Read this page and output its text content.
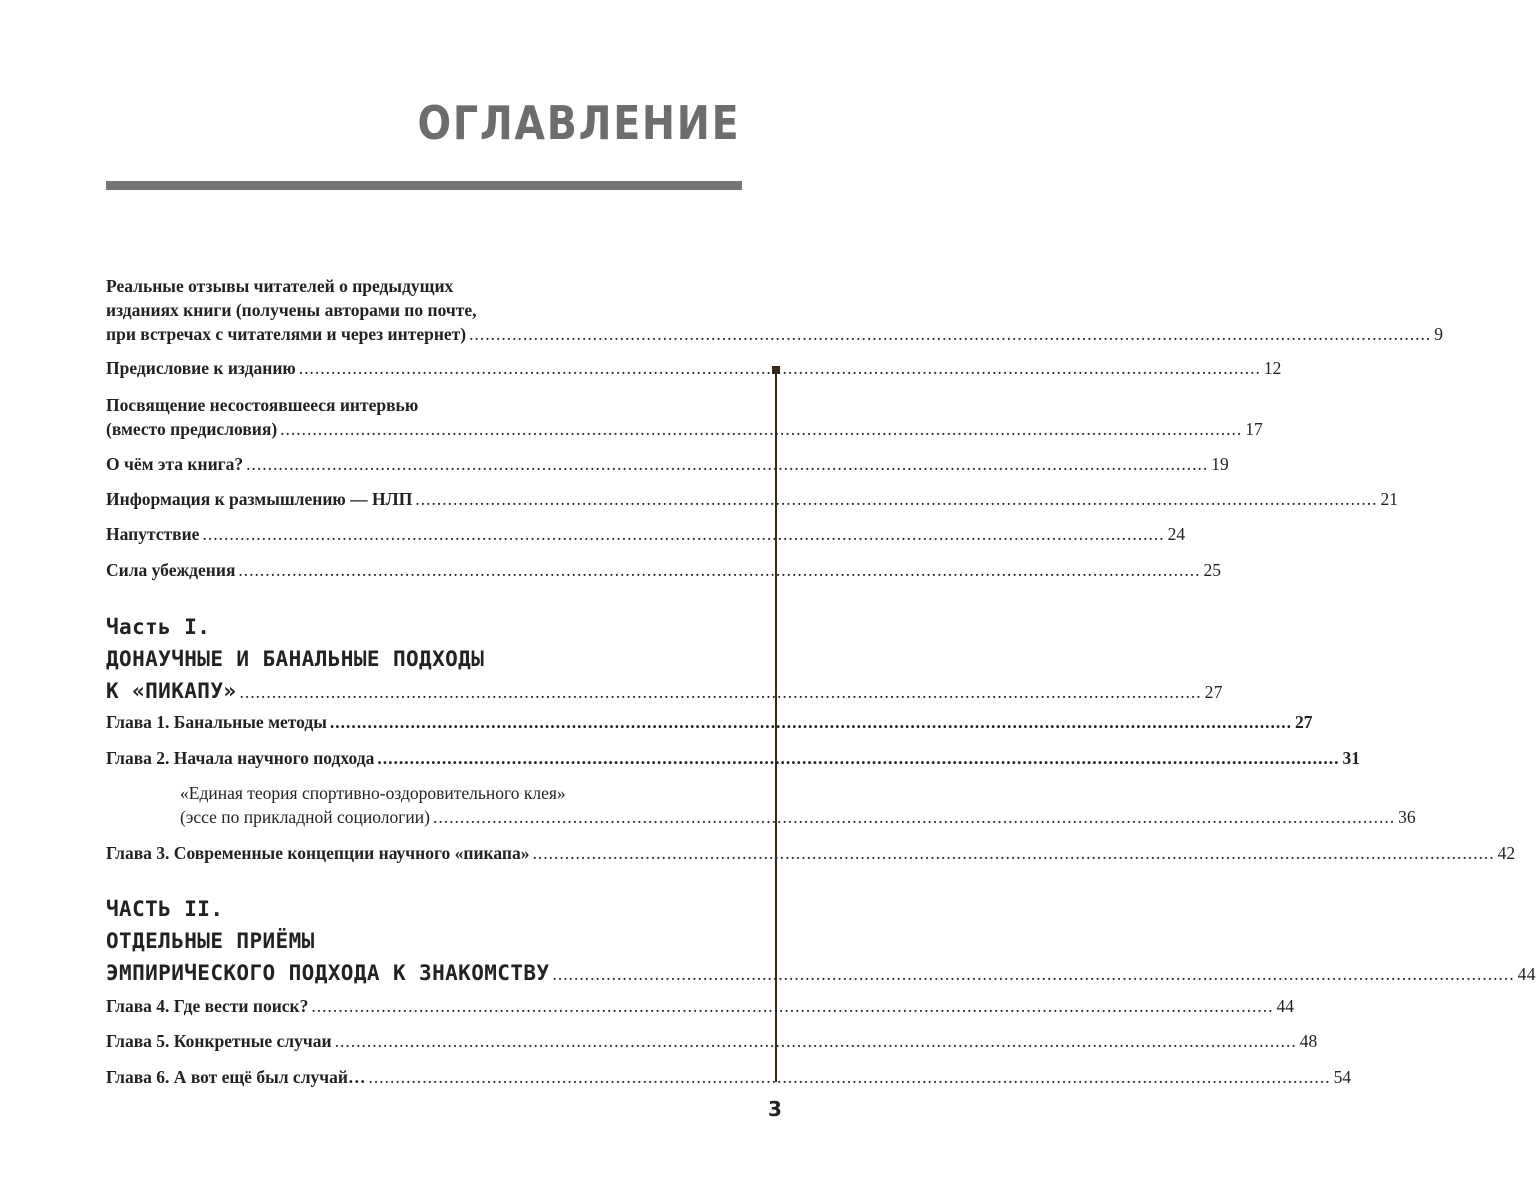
ОГЛАВЛЕНИЕ
Реальные отзывы читателей о предыдущих
изданиях книги (получены авторами по почте,
при встречах с читателями и через интернет) ................................................................................................................................................................................... 9
Предисловие к изданию ................................................................................................................................................................................... 12
Посвящение несостоявшееся интервью
(вместо предисловия) ................................................................................................................................................................................... 17
О чём эта книга? ................................................................................................................................................................................... 19
Информация к размышлению — НЛП ................................................................................................................................................................................... 21
Напутствие ................................................................................................................................................................................... 24
Сила убеждения ................................................................................................................................................................................... 25
Часть I.
ДОНАУЧНЫЕ И БАНАЛЬНЫЕ ПОДХОДЫ
К «ПИКАПУ» ................................................................................................................................................................................... 27
Глава 1. Банальные методы ................................................................................................................................................................................... 27
Глава 2. Начала научного подхода ................................................................................................................................................................................... 31
«Единая теория спортивно-оздоровительного клея»
(эссе по прикладной социологии) ................................................................................................................................................................................... 36
Глава 3. Современные концепции научного «пикапа» ................................................................................................................................................................................... 42
ЧАСТЬ II.
ОТДЕЛЬНЫЕ ПРИЁМЫ
ЭМПИРИЧЕСКОГО ПОДХОДА К ЗНАКОМСТВУ ................................................................................................................................................................................... 44
Глава 4. Где вести поиск? ................................................................................................................................................................................... 44
Глава 5. Конкретные случаи ................................................................................................................................................................................... 48
Глава 6. А вот ещё был случай… ................................................................................................................................................................................... 54
3
